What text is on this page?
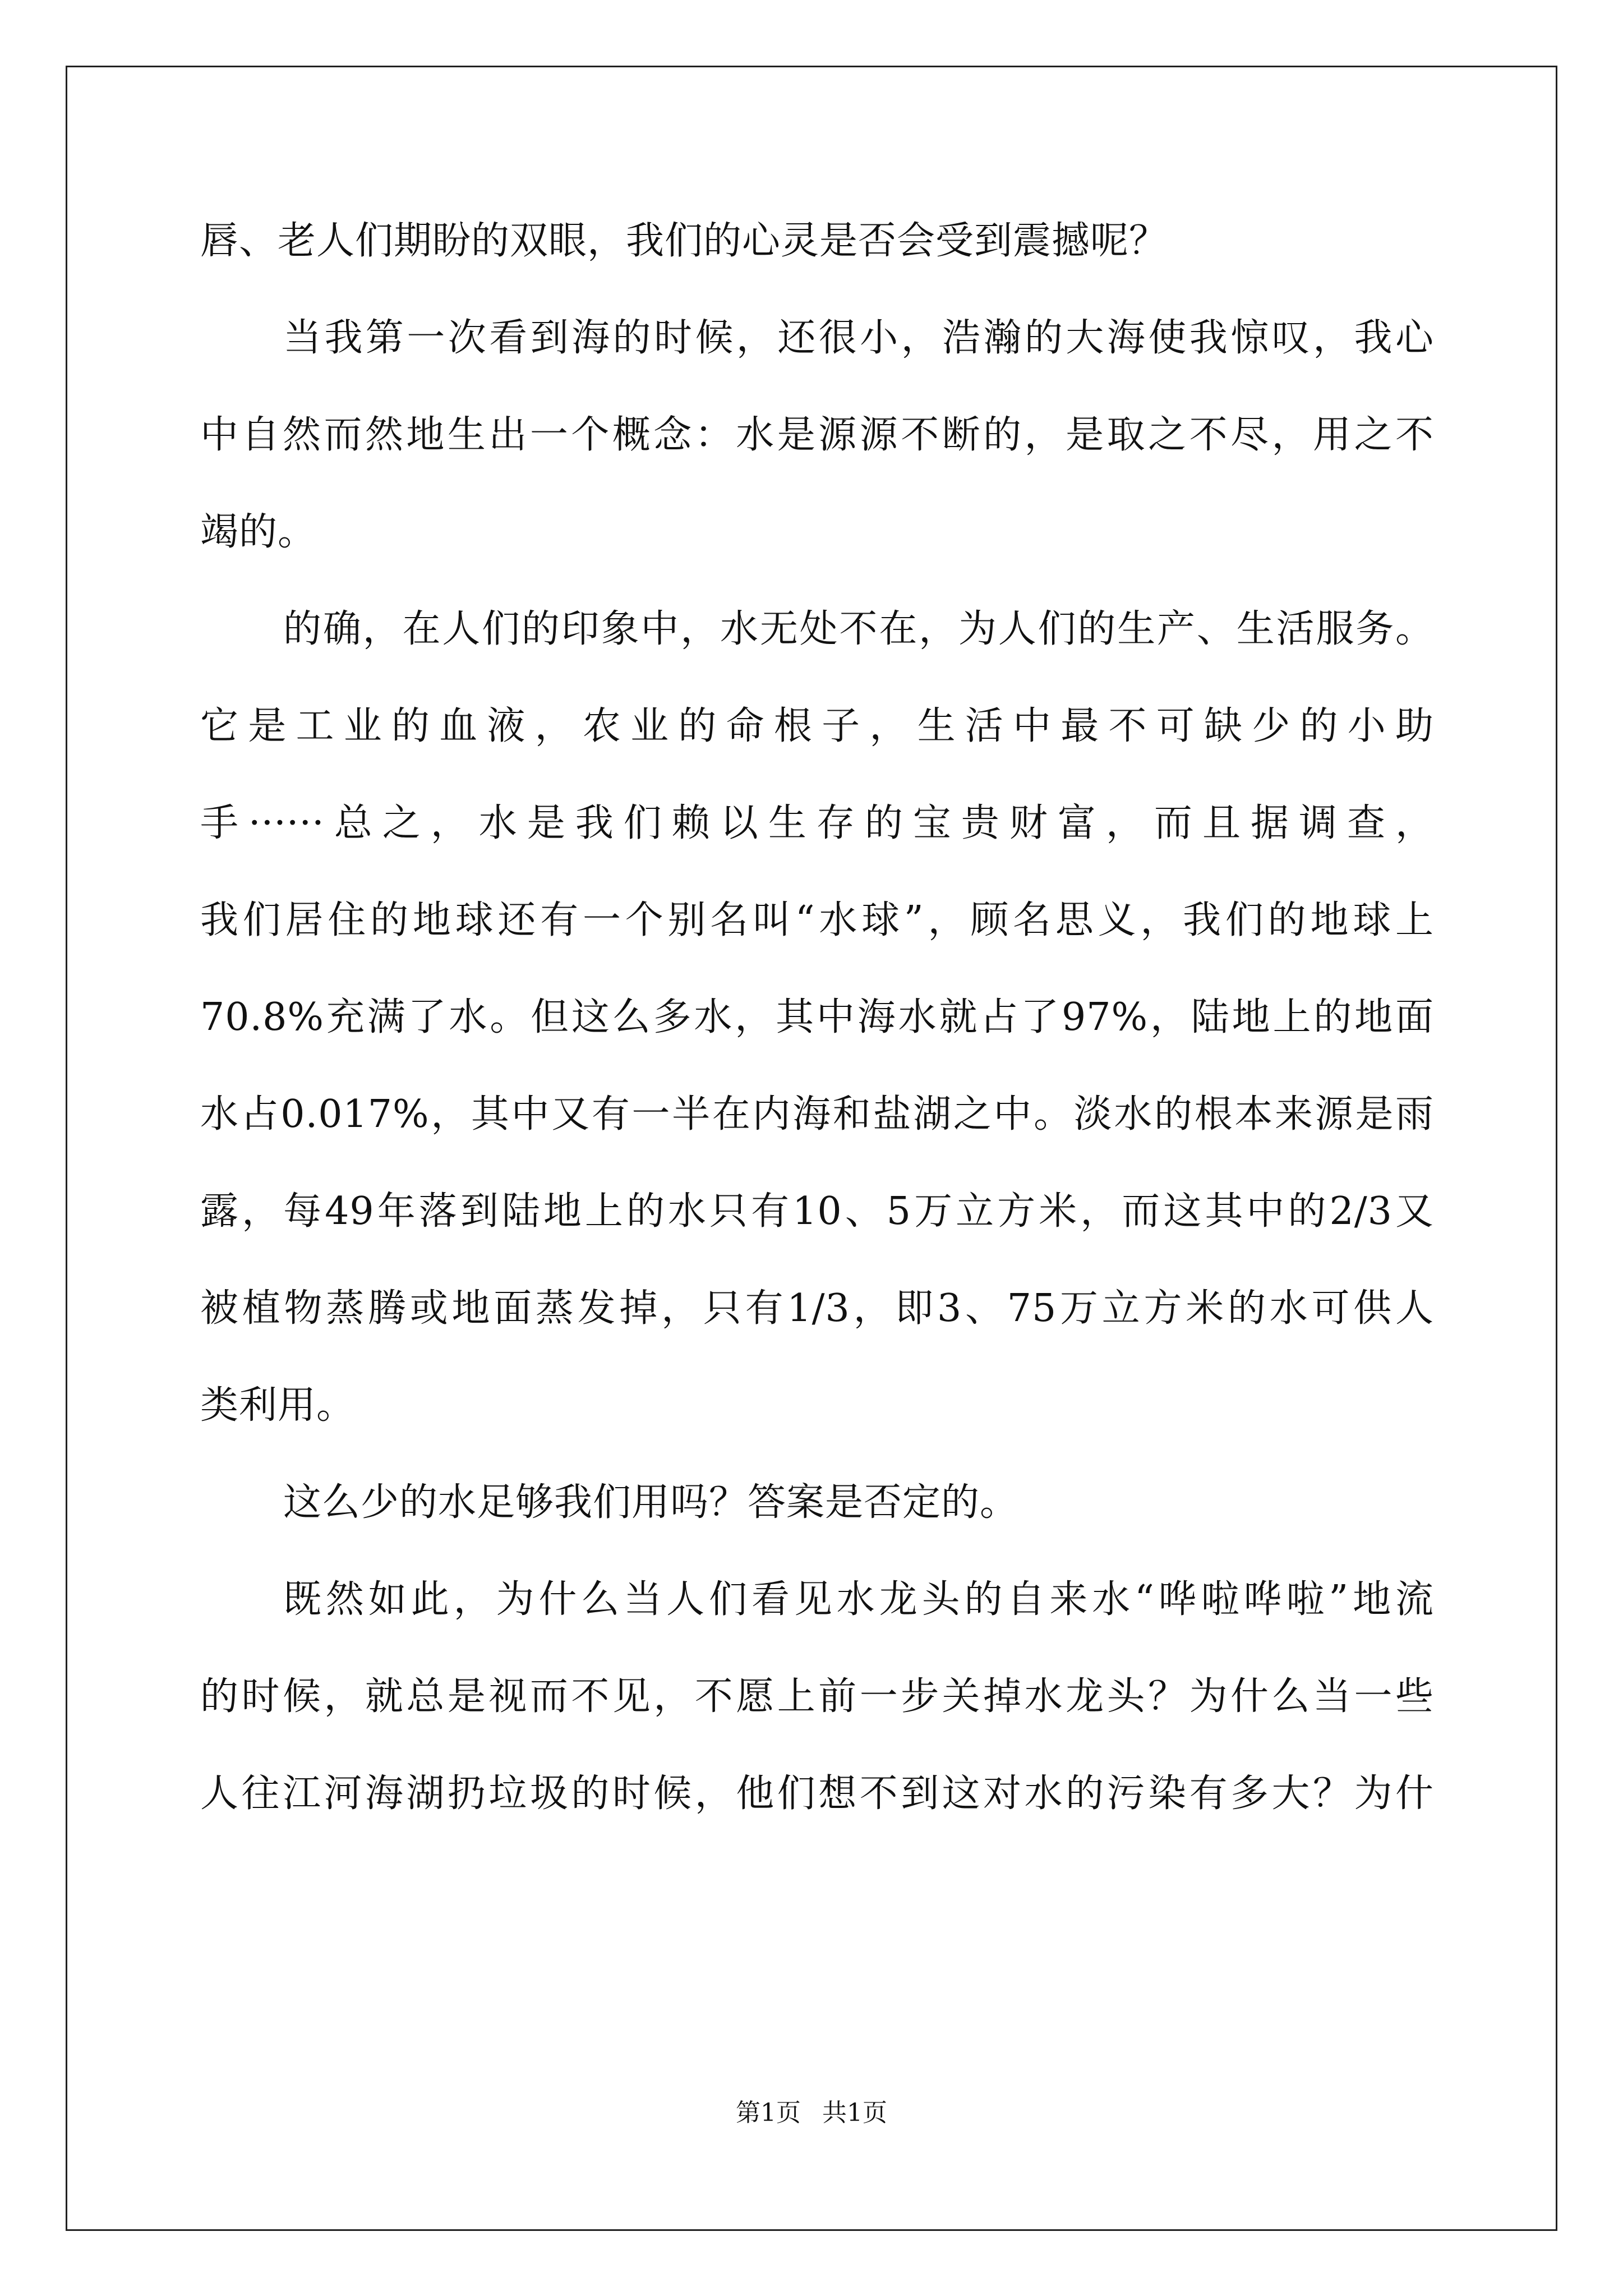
唇、老人们期盼的双眼，我们的心灵是否会受到震撼呢？
当我第一次看到海的时候，还很小，浩瀚的大海使我惊叹，我心
中自然而然地生出一个概念：水是源源不断的，是取之不尽，用之不
竭的。
的确，在人们的印象中，水无处不在，为人们的生产、生活服务。
它是工业的血液，农业的命根子，生活中最不可缺少的小助
手······总之，水是我们赖以生存的宝贵财富，而且据调查，
我们居住的地球还有一个别名叫“水球”，顾名思义，我们的地球上
70.8%充满了水。但这么多水，其中海水就占了97%，陆地上的地面
水占0.017%，其中又有一半在内海和盐湖之中。淡水的根本来源是雨
露，每49年落到陆地上的水只有10、5万立方米，而这其中的2/3又
被植物蒸腾或地面蒸发掉，只有1/3，即3、75万立方米的水可供人
类利用。
这么少的水足够我们用吗？答案是否定的。
既然如此，为什么当人们看见水龙头的自来水“哗啦哗啦”地流
的时候，就总是视而不见，不愿上前一步关掉水龙头？为什么当一些
人往江河海湖扔垃圾的时候，他们想不到这对水的污染有多大？为什
第1页 共1页
